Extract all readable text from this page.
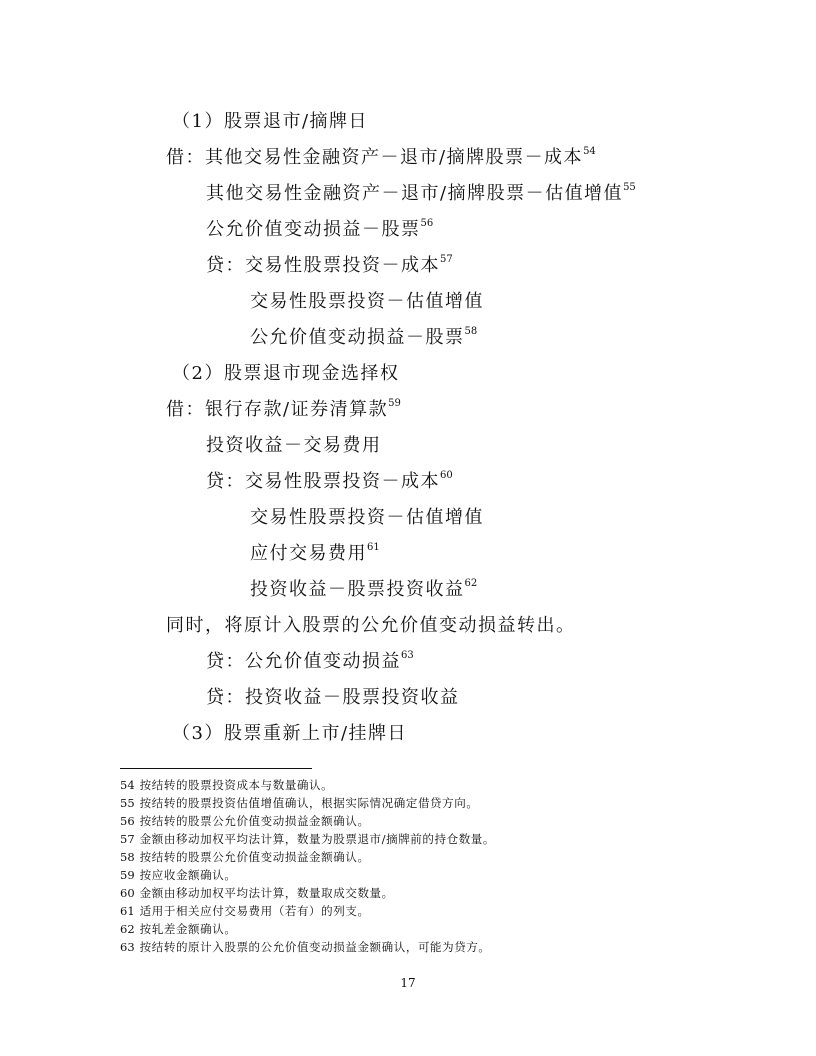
（1）股票退市/摘牌日
借：其他交易性金融资产－退市/摘牌股票－成本$^{54}$
其他交易性金融资产－退市/摘牌股票－估值增值$^{55}$
公允价值变动损益－股票$^{56}$
贷：交易性股票投资－成本$^{57}$
交易性股票投资－估值增值
公允价值变动损益－股票$^{58}$
（2）股票退市现金选择权
借：银行存款/证券清算款$^{59}$
投资收益－交易费用
贷：交易性股票投资－成本$^{60}$
交易性股票投资－估值增值
应付交易费用$^{61}$
投资收益－股票投资收益$^{62}$
同时，将原计入股票的公允价值变动损益转出。
贷：公允价值变动损益$^{63}$
贷：投资收益－股票投资收益
（3）股票重新上市/挂牌日
54 按结转的股票投资成本与数量确认。
55 按结转的股票投资估值增值确认，根据实际情况确定借贷方向。
56 按结转的股票公允价值变动损益金额确认。
57 金额由移动加权平均法计算，数量为股票退市/摘牌前的持仓数量。
58 按结转的股票公允价值变动损益金额确认。
59 按应收金额确认。
60 金额由移动加权平均法计算，数量取成交数量。
61 适用于相关应付交易费用（若有）的列支。
62 按轧差金额确认。
63 按结转的原计入股票的公允价值变动损益金额确认，可能为贷方。
17
